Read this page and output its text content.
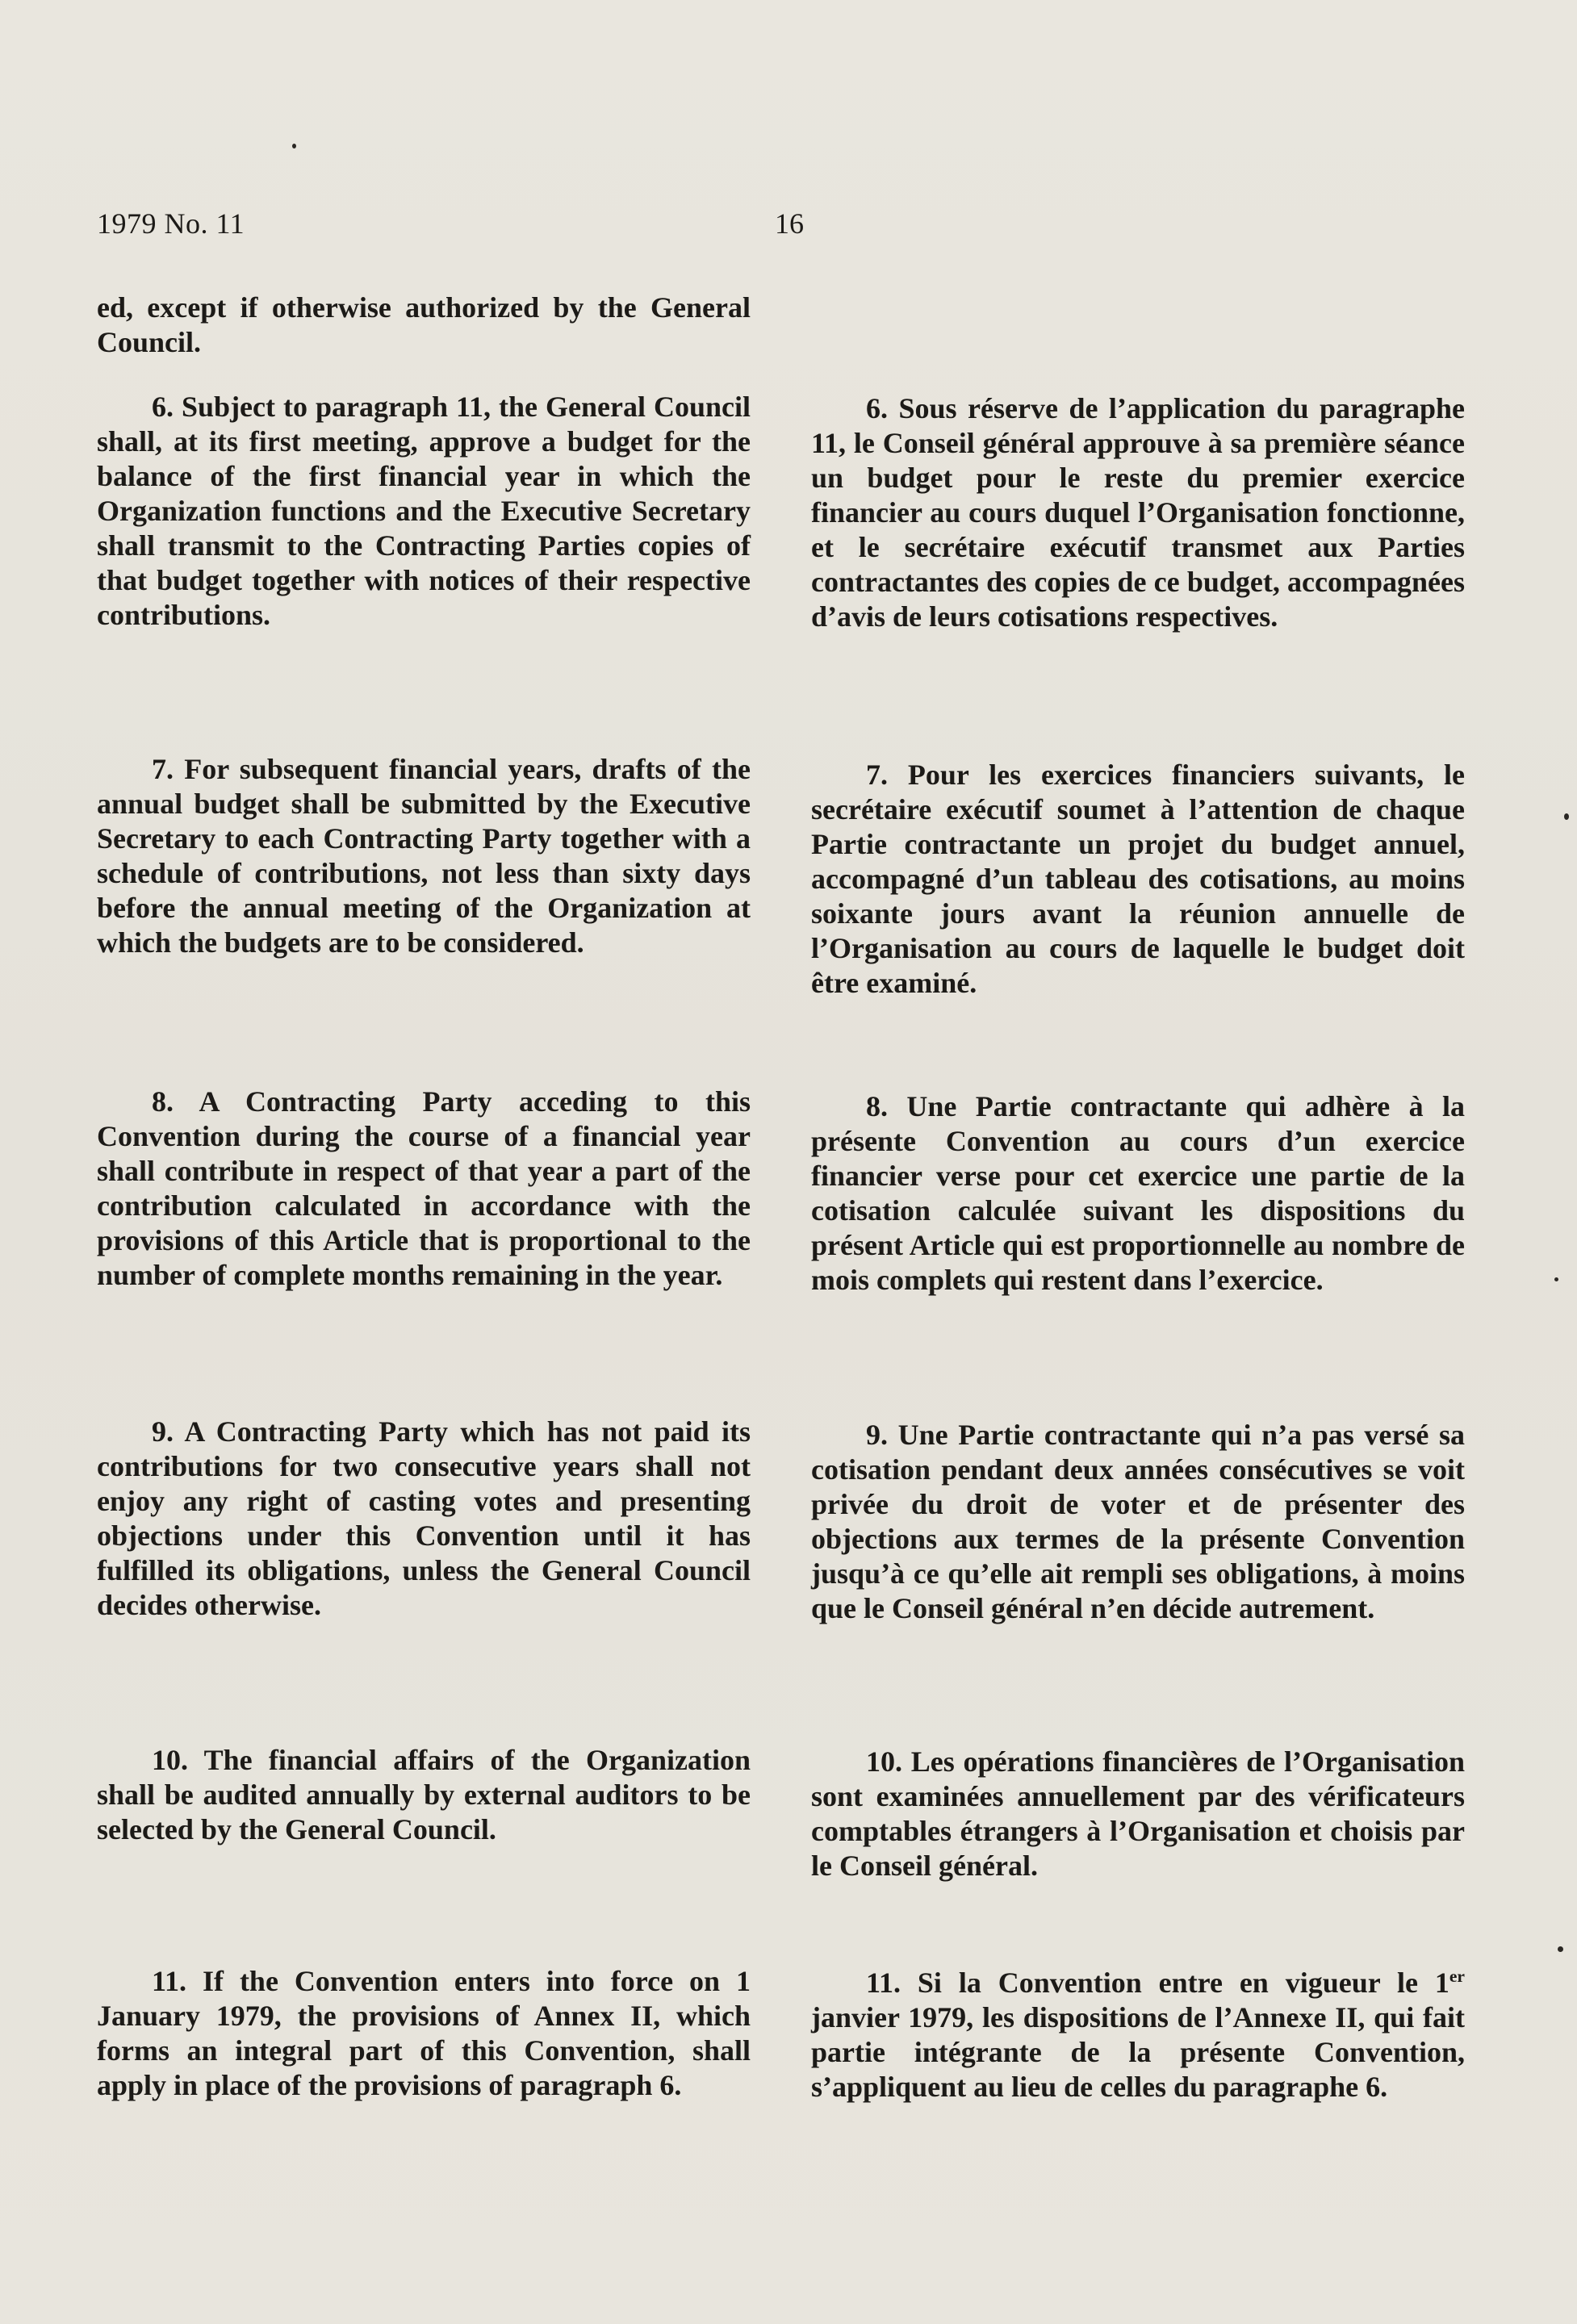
1979 No. 11	16

ed, except if otherwise authorized by the General Council.

6. Subject to paragraph 11, the General Council shall, at its first meeting, approve a budget for the balance of the first financial year in which the Organization functions and the Executive Secretary shall transmit to the Contracting Parties copies of that budget together with notices of their respective contributions.

7. For subsequent financial years, drafts of the annual budget shall be submitted by the Executive Secretary to each Contracting Party together with a schedule of contributions, not less than sixty days before the annual meeting of the Organization at which the budgets are to be considered.

8. A Contracting Party acceding to this Convention during the course of a financial year shall contribute in respect of that year a part of the contribution calculated in accordance with the provisions of this Article that is proportional to the number of complete months remaining in the year.

9. A Contracting Party which has not paid its contributions for two consecutive years shall not enjoy any right of casting votes and presenting objections under this Convention until it has fulfilled its obligations, unless the General Council decides otherwise.

10. The financial affairs of the Organization shall be audited annually by external auditors to be selected by the General Council.

11. If the Convention enters into force on 1 January 1979, the provisions of Annex II, which forms an integral part of this Convention, shall apply in place of the provisions of paragraph 6.

6. Sous réserve de l’application du paragraphe 11, le Conseil général approuve à sa première séance un budget pour le reste du premier exercice financier au cours duquel l’Organisation fonctionne, et le secrétaire exécutif transmet aux Parties contractantes des copies de ce budget, accompagnées d’avis de leurs cotisations respectives.

7. Pour les exercices financiers suivants, le secrétaire exécutif soumet à l’attention de chaque Partie contractante un projet du budget annuel, accompagné d’un tableau des cotisations, au moins soixante jours avant la réunion annuelle de l’Organisation au cours de laquelle le budget doit être examiné.

8. Une Partie contractante qui adhère à la présente Convention au cours d’un exercice financier verse pour cet exercice une partie de la cotisation calculée suivant les dispositions du présent Article qui est proportionnelle au nombre de mois complets qui restent dans l’exercice.

9. Une Partie contractante qui n’a pas versé sa cotisation pendant deux années consécutives se voit privée du droit de voter et de présenter des objections aux termes de la présente Convention jusqu’à ce qu’elle ait rempli ses obligations, à moins que le Conseil général n’en décide autrement.

10. Les opérations financières de l’Organisation sont examinées annuellement par des vérificateurs comptables étrangers à l’Organisation et choisis par le Conseil général.

11. Si la Convention entre en vigueur le 1er janvier 1979, les dispositions de l’Annexe II, qui fait partie intégrante de la présente Convention, s’appliquent au lieu de celles du paragraphe 6.
